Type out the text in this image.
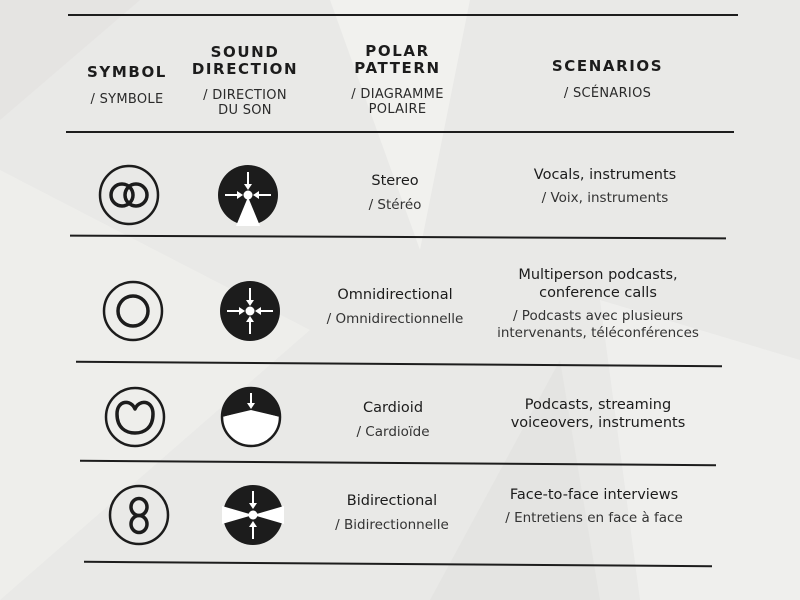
SYMBOL
/ SYMBOLE
SOUND
DIRECTION
/ DIRECTION
DU SON
POLAR
PATTERN
/ DIAGRAMME
POLAIRE
SCENARIOS
/ SCÉNARIOS
Stereo
/ Stéréo
Vocals, instruments
/ Voix, instruments
Omnidirectional
/ Omnidirectionnelle
Multiperson podcasts,
conference calls
/ Podcasts avec plusieurs
intervenants, téléconférences
Cardioid
/ Cardioïde
Podcasts, streaming
voiceovers, instruments
Bidirectional
/ Bidirectionnelle
Face-to-face interviews
/ Entretiens en face à face
